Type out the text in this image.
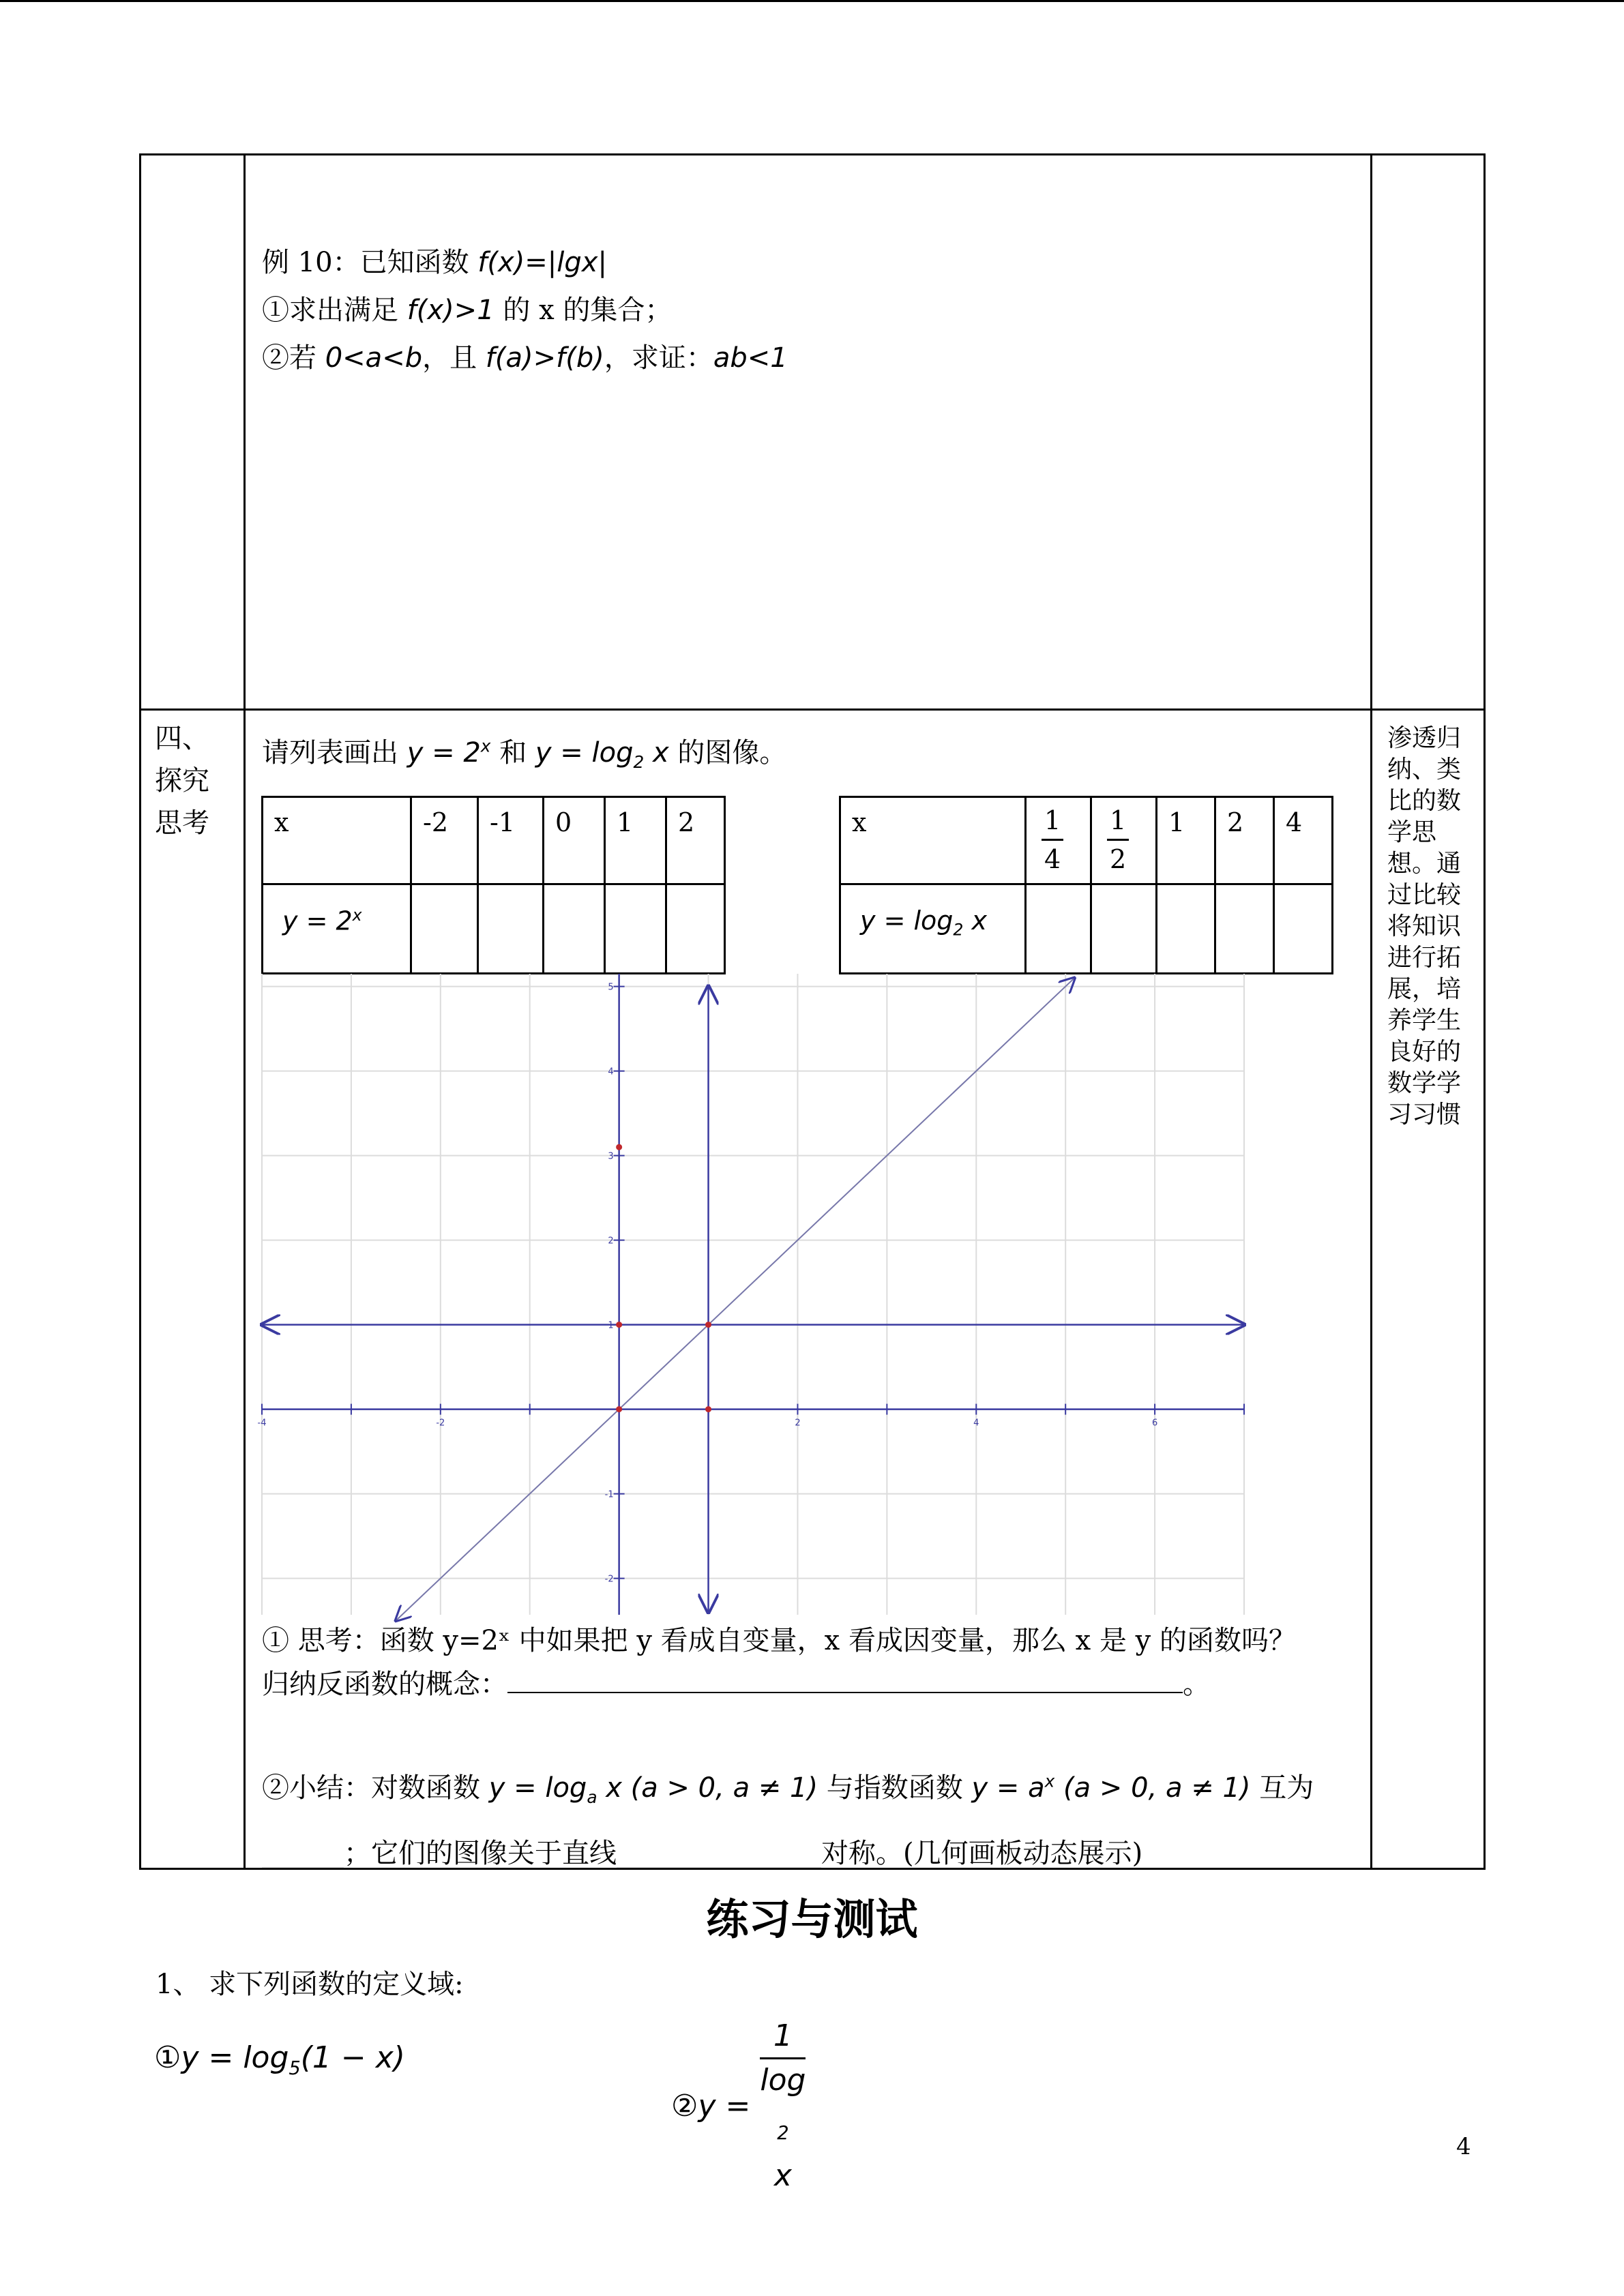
四、
探究
思考		渗透归纳、类比的数学思想。通过比较将知识进行拓展，培养学生良好的数学学习习惯
例 10：已知函数 f(x)=|lgx|
①求出满足 f(x)>1 的 x 的集合；
②若 0<a<b，且 f(a)>f(b)，求证：ab<1
请列表画出 $y = 2^x$ 和 $y = \log_2 x$ 的图像。
x	-2	-1	0	1	2
$y = 2^x$					
x	$\frac{1}{4}$	$\frac{1}{2}$	1	2	4
$y = \log_2 x$					
-4	-2	2	4	6
-2
-1
1
2
3
4
5
① 思考：函数 y=2ˣ 中如果把 y 看成自变量，x 看成因变量，那么 x 是 y 的函数吗？
归纳反函数的概念：	。
②小结：对数函数 $y = \log_a x$ (a > 0, a ≠ 1) 与指数函数 $y = a^x$ (a > 0, a ≠ 1) 互为
______；它们的图像关于直线_______________对称。(几何画板动态展示)
练习与测试
1、 求下列函数的定义域:
①y = $\log_5(1 - x)$
②y = 1
log
$_2$
x	4
